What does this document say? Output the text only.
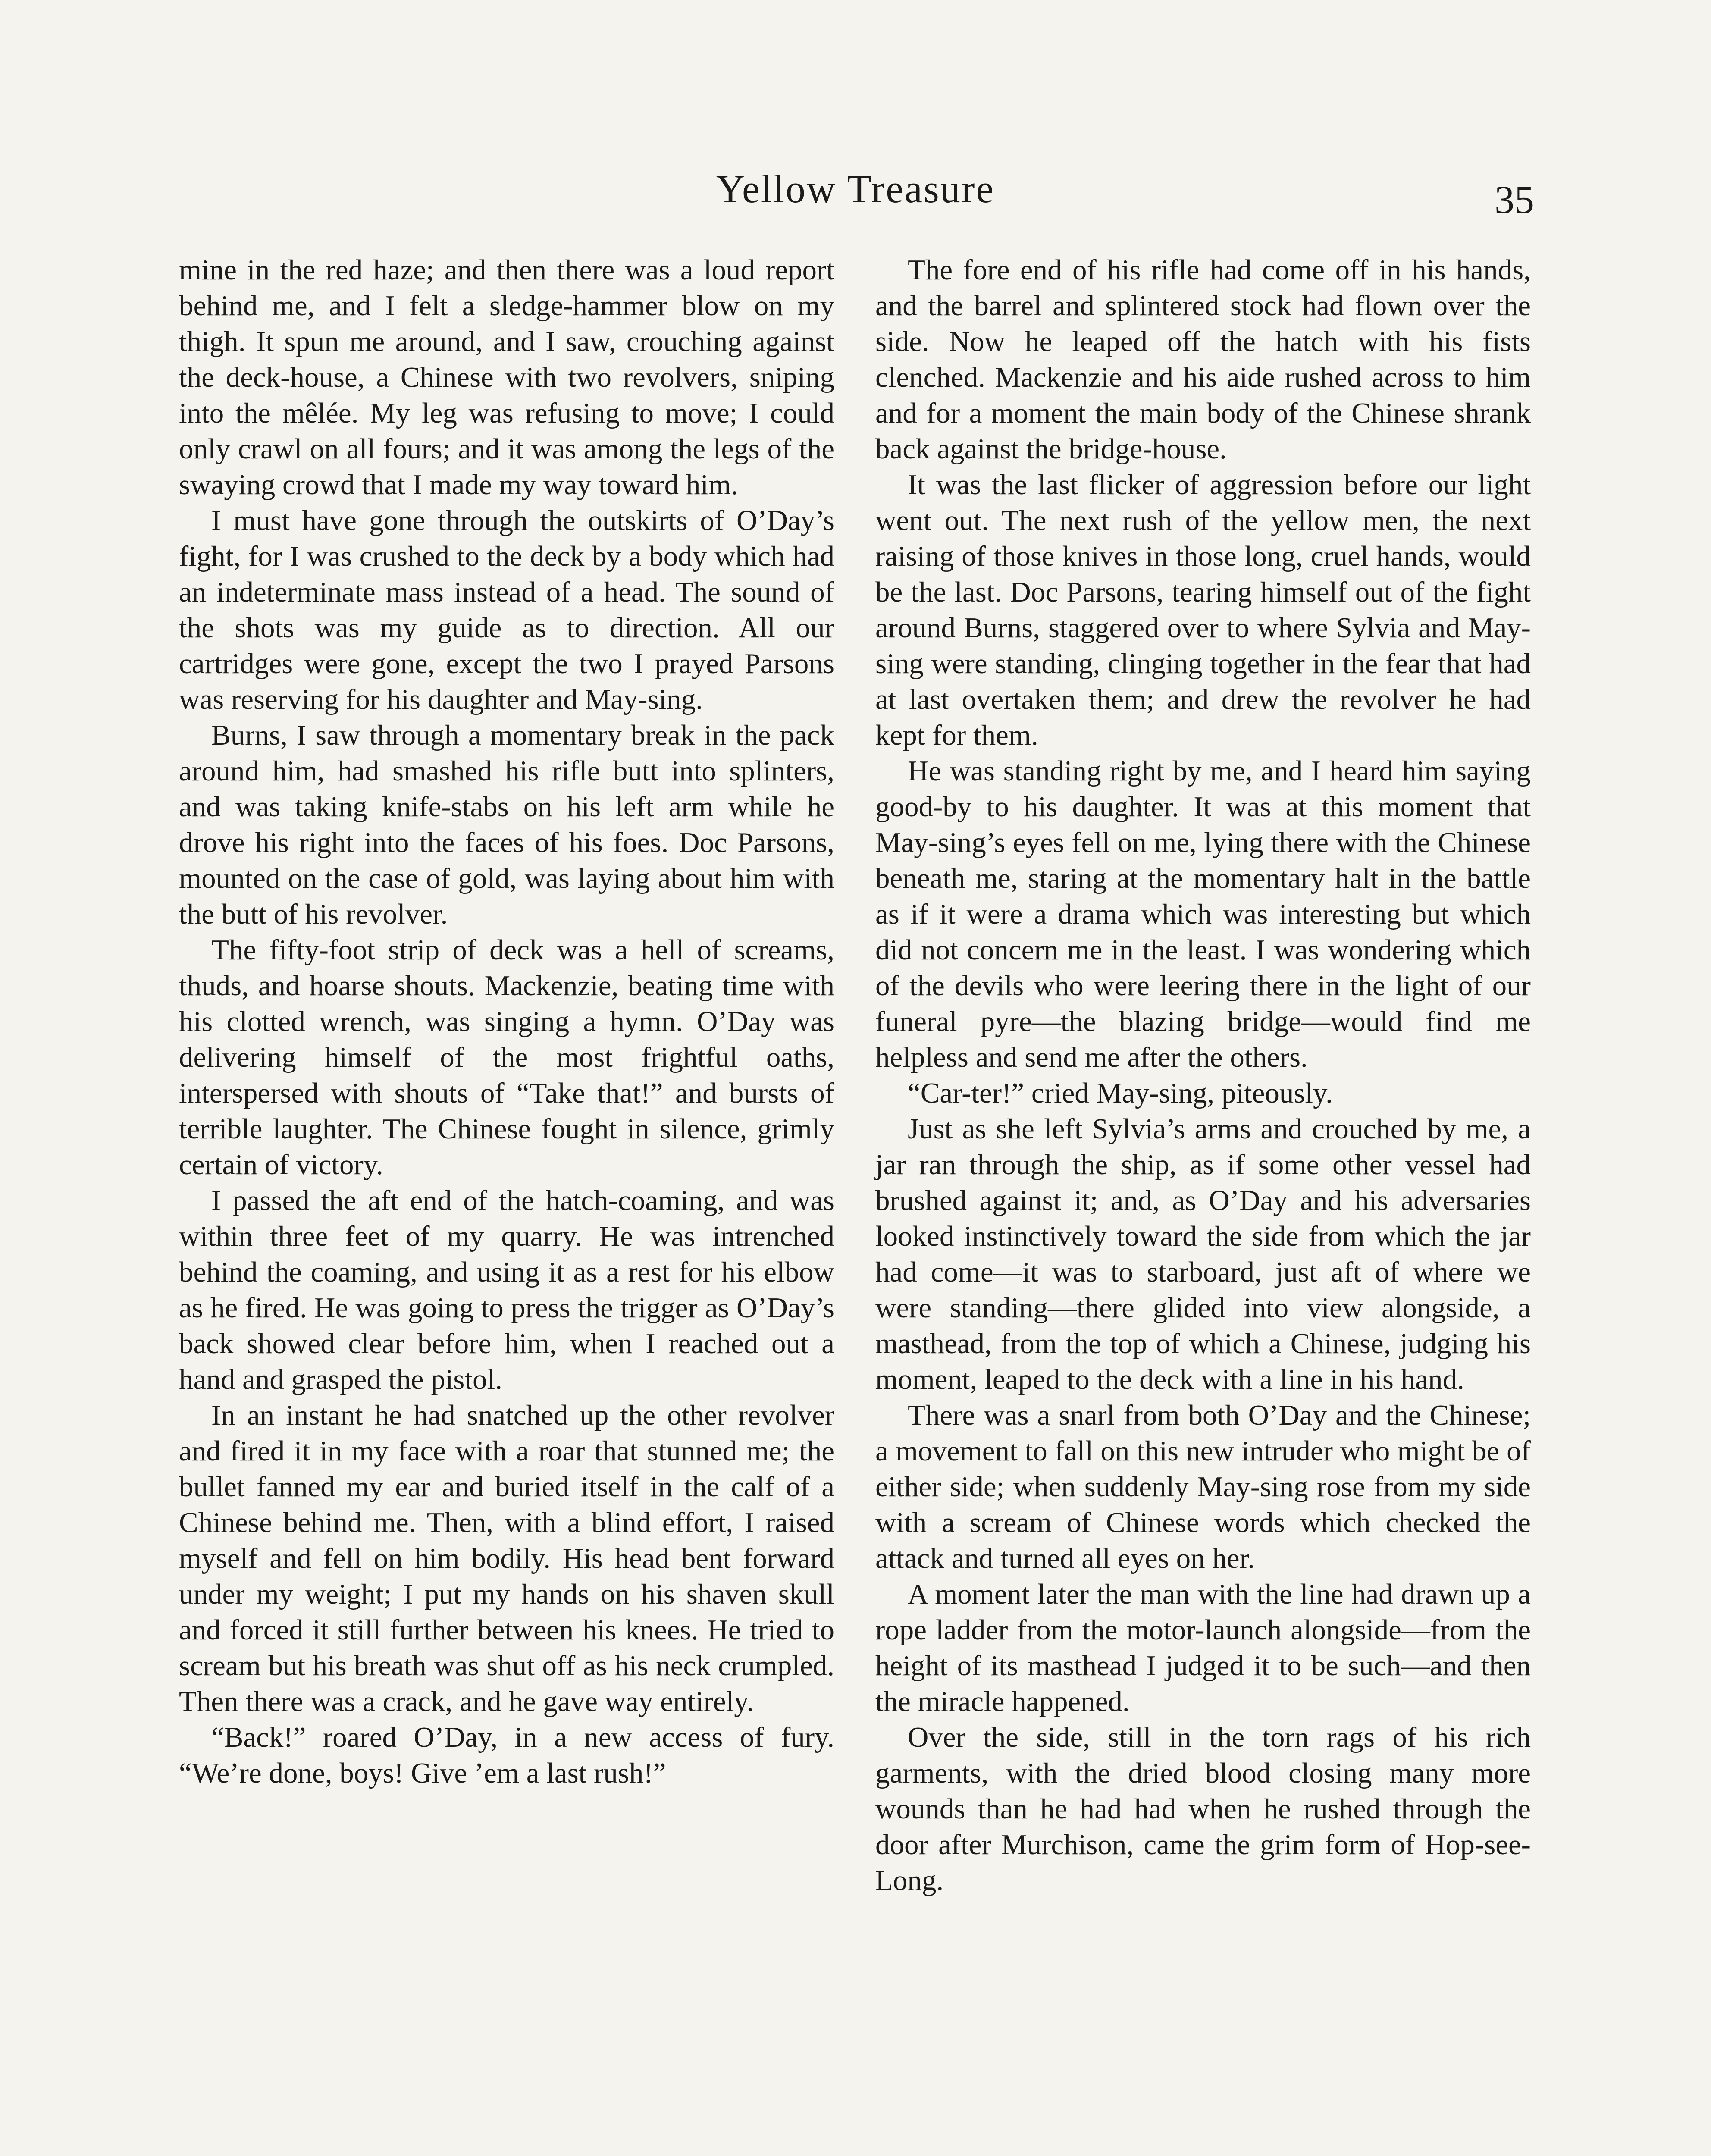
Yellow Treasure	35

mine in the red haze; and then there was a loud report behind me, and I felt a sledge-hammer blow on my thigh. It spun me around, and I saw, crouching against the deck-house, a Chinese with two revolvers, sniping into the mêlée. My leg was refusing to move; I could only crawl on all fours; and it was among the legs of the swaying crowd that I made my way toward him.

I must have gone through the outskirts of O’Day’s fight, for I was crushed to the deck by a body which had an indeterminate mass instead of a head. The sound of the shots was my guide as to direction. All our cartridges were gone, except the two I prayed Parsons was reserving for his daughter and May-sing.

Burns, I saw through a momentary break in the pack around him, had smashed his rifle butt into splinters, and was taking knife-stabs on his left arm while he drove his right into the faces of his foes. Doc Parsons, mounted on the case of gold, was laying about him with the butt of his revolver.

The fifty-foot strip of deck was a hell of screams, thuds, and hoarse shouts. Mackenzie, beating time with his clotted wrench, was singing a hymn. O’Day was delivering himself of the most frightful oaths, interspersed with shouts of “Take that!” and bursts of terrible laughter. The Chinese fought in silence, grimly certain of victory.

I passed the aft end of the hatch-coaming, and was within three feet of my quarry. He was intrenched behind the coaming, and using it as a rest for his elbow as he fired. He was going to press the trigger as O’Day’s back showed clear before him, when I reached out a hand and grasped the pistol.

In an instant he had snatched up the other revolver and fired it in my face with a roar that stunned me; the bullet fanned my ear and buried itself in the calf of a Chinese behind me. Then, with a blind effort, I raised myself and fell on him bodily. His head bent forward under my weight; I put my hands on his shaven skull and forced it still further between his knees. He tried to scream but his breath was shut off as his neck crumpled. Then there was a crack, and he gave way entirely.

“Back!” roared O’Day, in a new access of fury. “We’re done, boys! Give ’em a last rush!”

The fore end of his rifle had come off in his hands, and the barrel and splintered stock had flown over the side. Now he leaped off the hatch with his fists clenched. Mackenzie and his aide rushed across to him and for a moment the main body of the Chinese shrank back against the bridge-house.

It was the last flicker of aggression before our light went out. The next rush of the yellow men, the next raising of those knives in those long, cruel hands, would be the last. Doc Parsons, tearing himself out of the fight around Burns, staggered over to where Sylvia and May-sing were standing, clinging together in the fear that had at last overtaken them; and drew the revolver he had kept for them.

He was standing right by me, and I heard him saying good-by to his daughter. It was at this moment that May-sing’s eyes fell on me, lying there with the Chinese beneath me, staring at the momentary halt in the battle as if it were a drama which was interesting but which did not concern me in the least. I was wondering which of the devils who were leering there in the light of our funeral pyre—the blazing bridge—would find me helpless and send me after the others.

“Car-ter!” cried May-sing, piteously.

Just as she left Sylvia’s arms and crouched by me, a jar ran through the ship, as if some other vessel had brushed against it; and, as O’Day and his adversaries looked instinctively toward the side from which the jar had come—it was to starboard, just aft of where we were standing—there glided into view alongside, a masthead, from the top of which a Chinese, judging his moment, leaped to the deck with a line in his hand.

There was a snarl from both O’Day and the Chinese; a movement to fall on this new intruder who might be of either side; when suddenly May-sing rose from my side with a scream of Chinese words which checked the attack and turned all eyes on her.

A moment later the man with the line had drawn up a rope ladder from the motor-launch alongside—from the height of its masthead I judged it to be such—and then the miracle happened.

Over the side, still in the torn rags of his rich garments, with the dried blood closing many more wounds than he had had when he rushed through the door after Murchison, came the grim form of Hop-see-Long.
